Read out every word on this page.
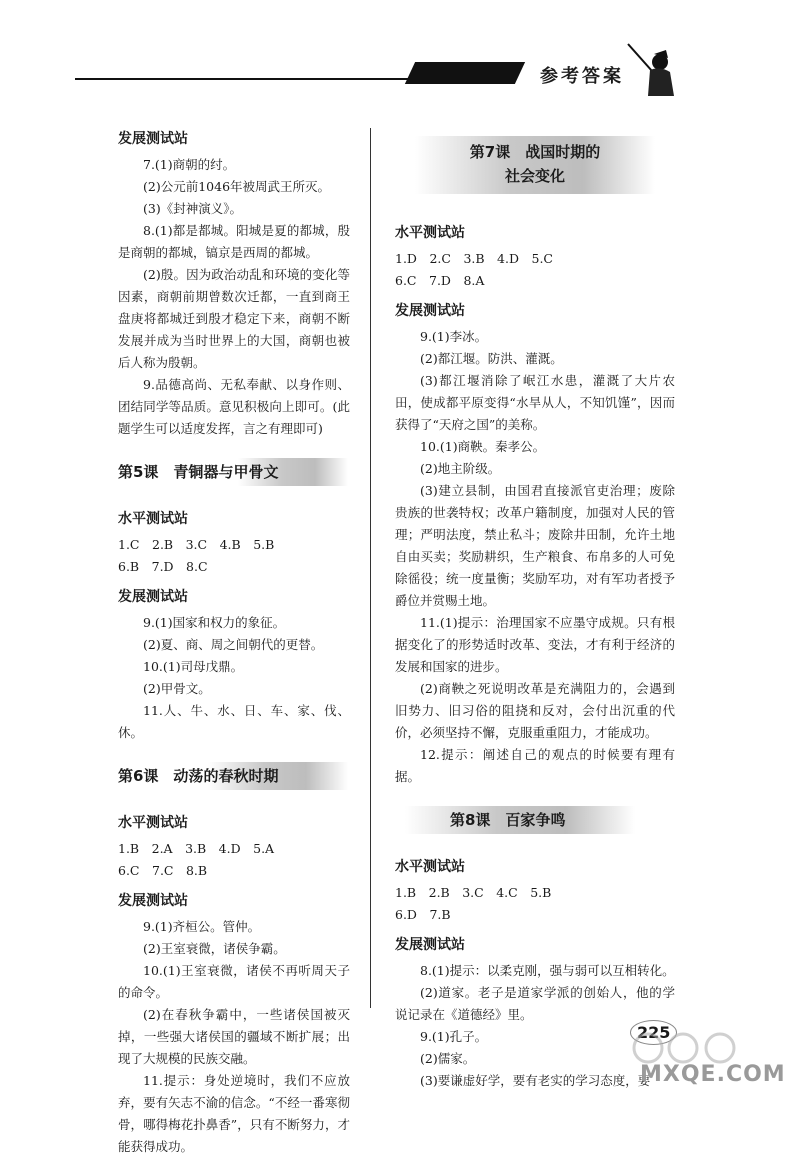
参考答案
发展测试站
7.(1)商朝的纣。
(2)公元前1046年被周武王所灭。
(3)《封神演义》。
8.(1)都是都城。阳城是夏的都城，殷是商朝的都城，镐京是西周的都城。
(2)殷。因为政治动乱和环境的变化等因素，商朝前期曾数次迁都，一直到商王盘庚将都城迁到殷才稳定下来，商朝不断发展并成为当时世界上的大国，商朝也被后人称为殷朝。
9.品德高尚、无私奉献、以身作则、团结同学等品质。意见积极向上即可。(此题学生可以适度发挥，言之有理即可)
第5课　青铜器与甲骨文
水平测试站
1.C　2.B　3.C　4.B　5.B
6.B　7.D　8.C
发展测试站
9.(1)国家和权力的象征。
(2)夏、商、周之间朝代的更替。
10.(1)司母戊鼎。
(2)甲骨文。
11.人、牛、水、日、车、家、伐、休。
第6课　动荡的春秋时期
水平测试站
1.B　2.A　3.B　4.D　5.A
6.C　7.C　8.B
发展测试站
9.(1)齐桓公。管仲。
(2)王室衰微，诸侯争霸。
10.(1)王室衰微，诸侯不再听周天子的命令。
(2)在春秋争霸中，一些诸侯国被灭掉，一些强大诸侯国的疆域不断扩展；出现了大规模的民族交融。
11.提示：身处逆境时，我们不应放弃，要有矢志不渝的信念。“不经一番寒彻骨，哪得梅花扑鼻香”，只有不断努力，才能获得成功。
第7课　战国时期的
社会变化
水平测试站
1.D　2.C　3.B　4.D　5.C
6.C　7.D　8.A
发展测试站
9.(1)李冰。
(2)都江堰。防洪、灌溉。
(3)都江堰消除了岷江水患，灌溉了大片农田，使成都平原变得“水旱从人，不知饥馑”，因而获得了“天府之国”的美称。
10.(1)商鞅。秦孝公。
(2)地主阶级。
(3)建立县制，由国君直接派官吏治理；废除贵族的世袭特权；改革户籍制度，加强对人民的管理；严明法度，禁止私斗；废除井田制，允许土地自由买卖；奖励耕织，生产粮食、布帛多的人可免除徭役；统一度量衡；奖励军功，对有军功者授予爵位并赏赐土地。
11.(1)提示：治理国家不应墨守成规。只有根据变化了的形势适时改革、变法，才有利于经济的发展和国家的进步。
(2)商鞅之死说明改革是充满阻力的，会遇到旧势力、旧习俗的阻挠和反对，会付出沉重的代价，必须坚持不懈，克服重重阻力，才能成功。
12.提示：阐述自己的观点的时候要有理有据。
第8课　百家争鸣
水平测试站
1.B　2.B　3.C　4.C　5.B
6.D　7.B
发展测试站
8.(1)提示：以柔克刚，强与弱可以互相转化。
(2)道家。老子是道家学派的创始人，他的学说记录在《道德经》里。
9.(1)孔子。
(2)儒家。
(3)要谦虚好学，要有老实的学习态度，要
225
MXQE.COM
